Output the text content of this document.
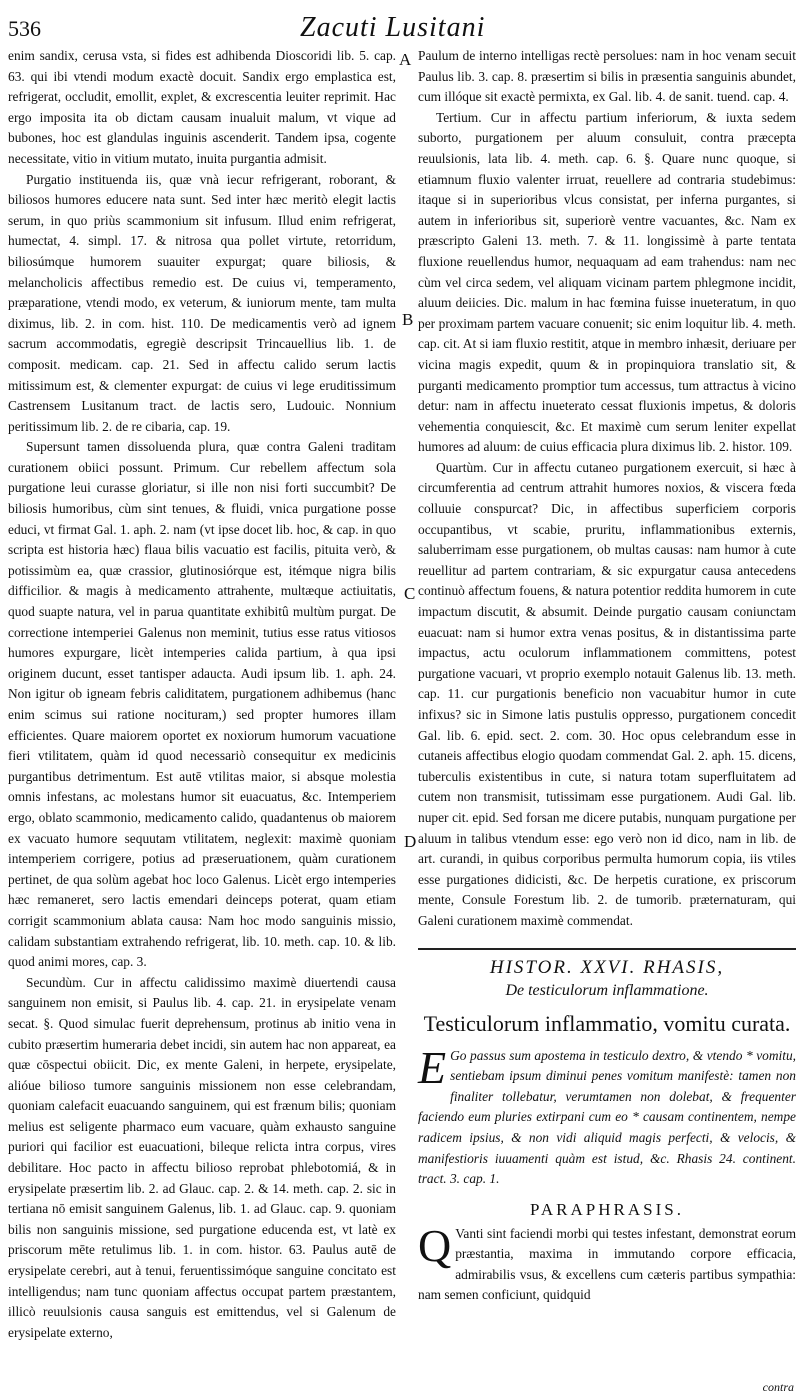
536	Zacuti Lusitani
A
B
C
D

enim sandix, cerusa vsta, si fides est adhibenda Dioscoridi lib. 5. cap. 63. qui ibi vtendi modum exactè docuit. Sandix ergo emplastica est, refrigerat, occludit, emollit, explet, & excrescentia leuiter reprimit. Hac ergo imposita ita ob dictam causam inualuit malum, vt vique ad bubones, hoc est glandulas inguinis ascenderit. Tandem ipsa, cogente necessitate, vitio in vitium mutato, inuita purgantia admisit.

Purgatio instituenda iis, quæ vnà iecur refrigerant, roborant, & biliosos humores educere nata sunt. Sed inter hæc meritò elegit lactis serum, in quo priùs scammonium sit infusum. Illud enim refrigerat, humectat, 4. simpl. 17. & nitrosa qua pollet virtute, retorridum, biliosúmque humorem suauiter expurgat; quare biliosis, & melancholicis affectibus remedio est. De cuius vi, temperamento, præparatione, vtendi modo, ex veterum, & iuniorum mente, tam multa diximus, lib. 2. in com. hist. 110. De medicamentis verò ad ignem sacrum accommodatis, egregiè descripsit Trincauellius lib. 1. de composit. medicam. cap. 21. Sed in affectu calido serum lactis mitissimum est, & clementer expurgat: de cuius vi lege eruditissimum Castrensem Lusitanum tract. de lactis sero, Ludouic. Nonnium peritissimum lib. 2. de re cibaria, cap. 19.

Supersunt tamen dissoluenda plura, quæ contra Galeni traditam curationem obiici possunt. Primum. Cur rebellem affectum sola purgatione leui curasse gloriatur, si ille non nisi forti succumbit? De biliosis humoribus, cùm sint tenues, & fluidi, vnica purgatione posse educi, vt firmat Gal. 1. aph. 2. nam (vt ipse docet lib. hoc, & cap. in quo scripta est historia hæc) flaua bilis vacuatio est facilis, pituita verò, & potissimùm ea, quæ crassior, glutinosiórque est, itémque nigra bilis difficilior. & magis à medicamento attrahente, multæque actiuitatis, quod suapte natura, vel in parua quantitate exhibitû multùm purgat. De correctione intemperiei Galenus non meminit, tutius esse ratus vitiosos humores expurgare, licèt intemperies calida partium, à qua ipsi originem ducunt, esset tantisper adaucta. Audi ipsum lib. 1. aph. 24. Non igitur ob igneam febris caliditatem, purgationem adhibemus (hanc enim scimus sui ratione nocituram,) sed propter humores illam efficientes. Quare maiorem oportet ex noxiorum humorum vacuatione fieri vtilitatem, quàm id quod necessariò consequitur ex medicinis purgantibus detrimentum. Est autē vtilitas maior, si absque molestia omnis infestans, ac molestans humor sit euacuatus, &c. Intemperiem ergo, oblato scammonio, medicamento calido, quadantenus ob maiorem ex vacuato humore sequutam vtilitatem, neglexit: maximè quoniam intemperiem corrigere, potius ad præseruationem, quàm curationem pertinet, de qua solùm agebat hoc loco Galenus. Licèt ergo intemperies hæc remaneret, sero lactis emendari deinceps poterat, quam etiam corrigit scammonium ablata causa: Nam hoc modo sanguinis missio, calidam substantiam extrahendo refrigerat, lib. 10. meth. cap. 10. & lib. quod animi mores, cap. 3.

Secundùm. Cur in affectu calidissimo maximè diuertendi causa sanguinem non emisit, si Paulus lib. 4. cap. 21. in erysipelate venam secat. §. Quod simulac fuerit deprehensum, protinus ab initio vena in cubito præsertim humeraria debet incidi, sin autem hac non appareat, ea quæ cōspectui obiicit. Dic, ex mente Galeni, in herpete, erysipelate, alióue bilioso tumore sanguinis missionem non esse celebrandam, quoniam calefacit euacuando sanguinem, qui est frænum bilis; quoniam melius est seligente pharmaco eum vacuare, quàm exhausto sanguine puriori qui facilior est euacuationi, bileque relicta intra corpus, vires debilitare. Hoc pacto in affectu bilioso reprobat phlebotomiá, & in erysipelate præsertim lib. 2. ad Glauc. cap. 2. & 14. meth. cap. 2. sic in tertiana nō emisit sanguinem Galenus, lib. 1. ad Glauc. cap. 9. quoniam bilis non sanguinis missione, sed purgatione educenda est, vt latè ex priscorum mēte retulimus lib. 1. in com. histor. 63. Paulus autē de erysipelate cerebri, aut à tenui, feruentissimóque sanguine concitato est intelligendus; nam tunc quoniam affectus occupat partem præstantem, illicò reuulsionis causa sanguis est emittendus, vel si Galenum de erysipelate externo,

Paulum de interno intelligas rectè persolues: nam in hoc venam secuit Paulus lib. 3. cap. 8. præsertim si bilis in præsentia sanguinis abundet, cum illóque sit exactè permixta, ex Gal. lib. 4. de sanit. tuend. cap. 4.

Tertium. Cur in affectu partium inferiorum, & iuxta sedem suborto, purgationem per aluum consuluit, contra præcepta reuulsionis, lata lib. 4. meth. cap. 6. §. Quare nunc quoque, si etiamnum fluxio valenter irruat, reuellere ad contraria studebimus: itaque si in superioribus vlcus consistat, per inferna purgantes, si autem in inferioribus sit, superiorè ventre vacuantes, &c. Nam ex præscripto Galeni 13. meth. 7. & 11. longissimè à parte tentata fluxione reuellendus humor, nequaquam ad eam trahendus: nam nec cùm vel circa sedem, vel aliquam vicinam partem phlegmone incidit, aluum deiicies. Dic. malum in hac fœmina fuisse inueteratum, in quo per proximam partem vacuare conuenit; sic enim loquitur lib. 4. meth. cap. cit. At si iam fluxio restitit, atque in membro inhæsit, deriuare per vicina magis expedit, quum & in propinquiora translatio sit, & purganti medicamento promptior tum accessus, tum attractus à vicino detur: nam in affectu inueterato cessat fluxionis impetus, & doloris vehementia conquiescit, &c. Et maximè cum serum leniter expellat humores ad aluum: de cuius efficacia plura diximus lib. 2. histor. 109.

Quartùm. Cur in affectu cutaneo purgationem exercuit, si hæc à circumferentia ad centrum attrahit humores noxios, & viscera fœda colluuie conspurcat? Dic, in affectibus superficiem corporis occupantibus, vt scabie, pruritu, inflammationibus externis, saluberrimam esse purgationem, ob multas causas: nam humor à cute reuellitur ad partem contrariam, & sic expurgatur causa antecedens continuò affectum fouens, & natura potentior reddita humorem in cute impactum discutit, & absumit. Deinde purgatio causam coniunctam euacuat: nam si humor extra venas positus, & in distantissima parte impactus, actu oculorum inflammationem committens, potest purgatione vacuari, vt proprio exemplo notauit Galenus lib. 13. meth. cap. 11. cur purgationis beneficio non vacuabitur humor in cute infixus? sic in Simone latis pustulis oppresso, purgationem concedit Gal. lib. 6. epid. sect. 2. com. 30. Hoc opus celebrandum esse in cutaneis affectibus elogio quodam commendat Gal. 2. aph. 15. dicens, tuberculis existentibus in cute, si natura totam superfluitatem ad cutem non transmisit, tutissimam esse purgationem. Audi Gal. lib. nuper cit. epid. Sed forsan me dicere putabis, nunquam purgatione per aluum in talibus vtendum esse: ego verò non id dico, nam in lib. de art. curandi, in quibus corporibus permulta humorum copia, iis vtiles esse purgationes didicisti, &c. De herpetis curatione, ex priscorum mente, Consule Forestum lib. 2. de tumorib. præternaturam, qui Galeni curationem maximè commendat.

HISTOR. XXVI. RHASIS,
De testiculorum inflammatione.
Testiculorum inflammatio, vomitu curata.

E Go passus sum apostema in testiculo dextro, & vtendo * vomitu, sentiebam ipsum diminui penes vomitum manifestè: tamen non finaliter tollebatur, verumtamen non dolebat, & frequenter faciendo eum pluries extirpani cum eo * causam continentem, nempe radicem ipsius, & non vidi aliquid magis perfecti, & velocis, & manifestioris iuuamenti quàm est istud, &c. Rhasis 24. continent. tract. 3. cap. 1.

PARAPHRASIS.

Q Vanti sint faciendi morbi qui testes infestant, demonstrat eorum præstantia, maxima in immutando corpore efficacia, admirabilis vsus, & excellens cum cæteris partibus sympathia: nam semen conficiunt, quidquid

contra
